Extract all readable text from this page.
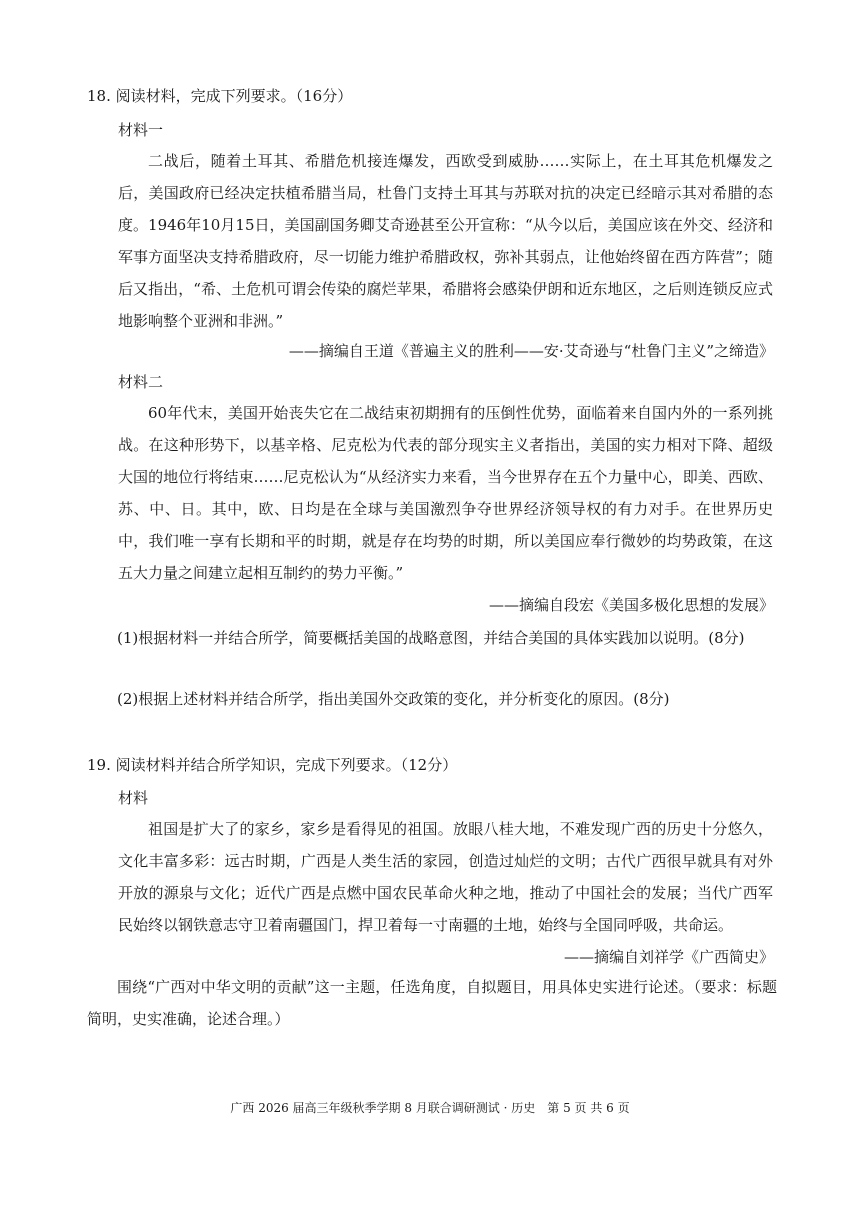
18. 阅读材料，完成下列要求。（16分）
材料一
二战后，随着土耳其、希腊危机接连爆发，西欧受到威胁……实际上，在土耳其危机爆发之后，美国政府已经决定扶植希腊当局，杜鲁门支持土耳其与苏联对抗的决定已经暗示其对希腊的态度。1946年10月15日，美国副国务卿艾奇逊甚至公开宣称：“从今以后，美国应该在外交、经济和军事方面坚决支持希腊政府，尽一切能力维护希腊政权，弥补其弱点，让他始终留在西方阵营”；随后又指出，“希、土危机可谓会传染的腐烂苹果，希腊将会感染伊朗和近东地区，之后则连锁反应式地影响整个亚洲和非洲。”
——摘编自王道《普遍主义的胜利——安·艾奇逊与“杜鲁门主义”之缔造》
材料二
60年代末，美国开始丧失它在二战结束初期拥有的压倒性优势，面临着来自国内外的一系列挑战。在这种形势下，以基辛格、尼克松为代表的部分现实主义者指出，美国的实力相对下降、超级大国的地位行将结束……尼克松认为“从经济实力来看，当今世界存在五个力量中心，即美、西欧、苏、中、日。其中，欧、日均是在全球与美国激烈争夺世界经济领导权的有力对手。在世界历史中，我们唯一享有长期和平的时期，就是存在均势的时期，所以美国应奉行微妙的均势政策，在这五大力量之间建立起相互制约的势力平衡。”
——摘编自段宏《美国多极化思想的发展》
(1)根据材料一并结合所学，简要概括美国的战略意图，并结合美国的具体实践加以说明。(8分)
(2)根据上述材料并结合所学，指出美国外交政策的变化，并分析变化的原因。(8分)
19. 阅读材料并结合所学知识，完成下列要求。（12分）
材料
祖国是扩大了的家乡，家乡是看得见的祖国。放眼八桂大地，不难发现广西的历史十分悠久，文化丰富多彩：远古时期，广西是人类生活的家园，创造过灿烂的文明；古代广西很早就具有对外开放的源泉与文化；近代广西是点燃中国农民革命火种之地，推动了中国社会的发展；当代广西军民始终以钢铁意志守卫着南疆国门，捍卫着每一寸南疆的土地，始终与全国同呼吸，共命运。
——摘编自刘祥学《广西简史》
围绕“广西对中华文明的贡献”这一主题，任选角度，自拟题目，用具体史实进行论述。（要求：标题简明，史实准确，论述合理。）
广西 2026 届高三年级秋季学期 8 月联合调研测试 · 历史　第 5 页 共 6 页
